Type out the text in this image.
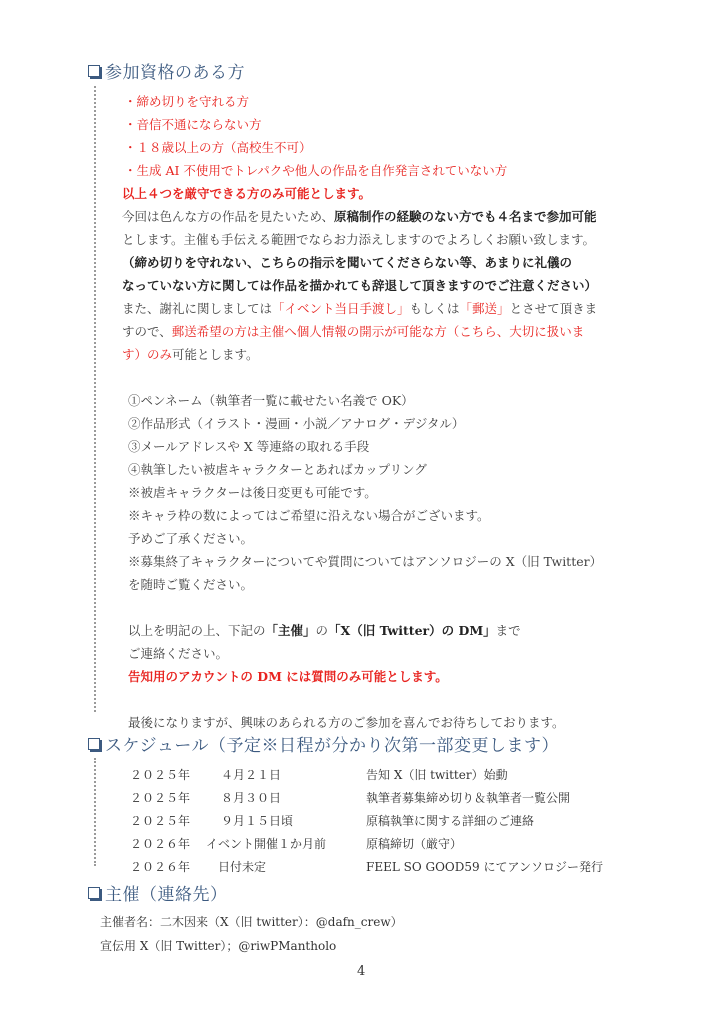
参加資格のある方
・締め切りを守れる方
・音信不通にならない方
・１８歳以上の方（高校生不可）
・生成 AI 不使用でトレパクや他人の作品を自作発言されていない方
以上４つを厳守できる方のみ可能とします。
今回は色んな方の作品を見たいため、原稿制作の経験のない方でも４名まで参加可能
とします。主催も手伝える範囲でならお力添えしますのでよろしくお願い致します。
（締め切りを守れない、こちらの指示を聞いてくださらない等、あまりに礼儀の
なっていない方に関しては作品を描かれても辞退して頂きますのでご注意ください）
また、謝礼に関しましては「イベント当日手渡し」もしくは「郵送」とさせて頂きま
すので、郵送希望の方は主催へ個人情報の開示が可能な方（こちら、大切に扱いま
す）のみ可能とします。
①ペンネーム（執筆者一覧に載せたい名義で OK）
②作品形式（イラスト・漫画・小説／アナログ・デジタル）
③メールアドレスや X 等連絡の取れる手段
④執筆したい被虐キャラクターとあればカップリング
※被虐キャラクターは後日変更も可能です。
※キャラ枠の数によってはご希望に沿えない場合がございます。
予めご了承ください。
※募集終了キャラクターについてや質問についてはアンソロジーの X（旧 Twitter）
を随時ご覧ください。
以上を明記の上、下記の「主催」の「X（旧 Twitter）の DM」まで
ご連絡ください。
告知用のアカウントの DM には質問のみ可能とします。
最後になりますが、興味のあられる方のご参加を喜んでお待ちしております。
スケジュール（予定※日程が分かり次第一部変更します）
２０２５年	４月２１日	告知 X（旧 twitter）始動
２０２５年	８月３０日	執筆者募集締め切り＆執筆者一覧公開
２０２５年	９月１５日頃	原稿執筆に関する詳細のご連絡
２０２６年 イベント開催１か月前	原稿締切（厳守）
２０２６年 日付未定	FEEL SO GOOD59 にてアンソロジー発行
主催（連絡先）
主催者名：二木因来（X（旧 twitter）：@dafn_crew）
宣伝用 X（旧 Twitter）；@riwPMantholo
4
